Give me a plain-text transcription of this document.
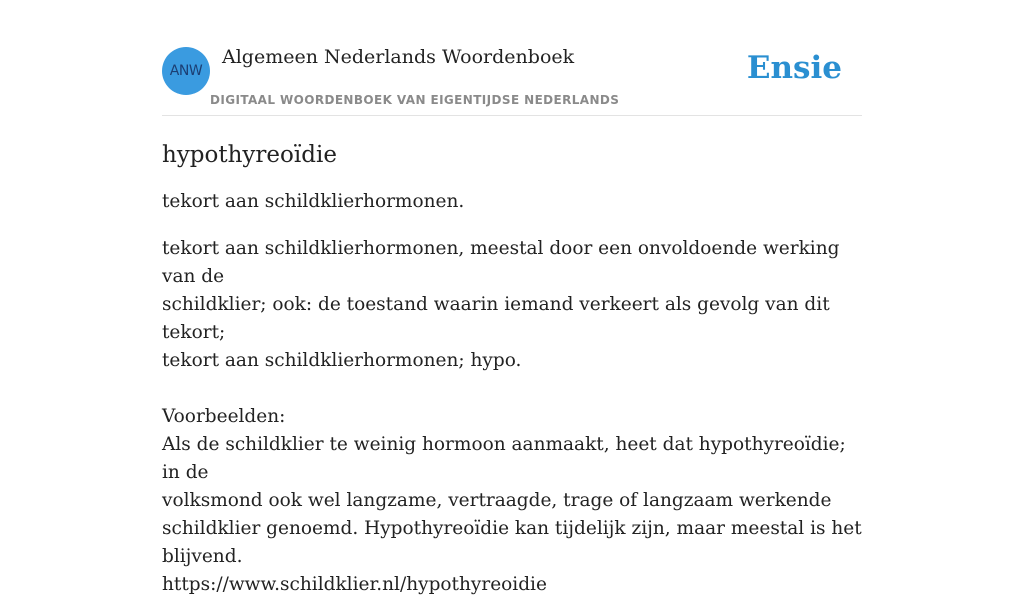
ANW
Algemeen Nederlands Woordenboek
DIGITAAL WOORDENBOEK VAN EIGENTIJDSE NEDERLANDS
Ensie
hypothyreoïdie

tekort aan schildklierhormonen.

tekort aan schildklierhormonen, meestal door een onvoldoende werking van de
schildklier; ook: de toestand waarin iemand verkeert als gevolg van dit tekort;
tekort aan schildklierhormonen; hypo.
Voorbeelden:
Als de schildklier te weinig hormoon aanmaakt, heet dat hypothyreoïdie; in de
volksmond ook wel langzame, vertraagde, trage of langzaam werkende
schildklier genoemd. Hypothyreoïdie kan tijdelijk zijn, maar meestal is het
blijvend.
https://www.schildklier.nl/hypothyreoidie
